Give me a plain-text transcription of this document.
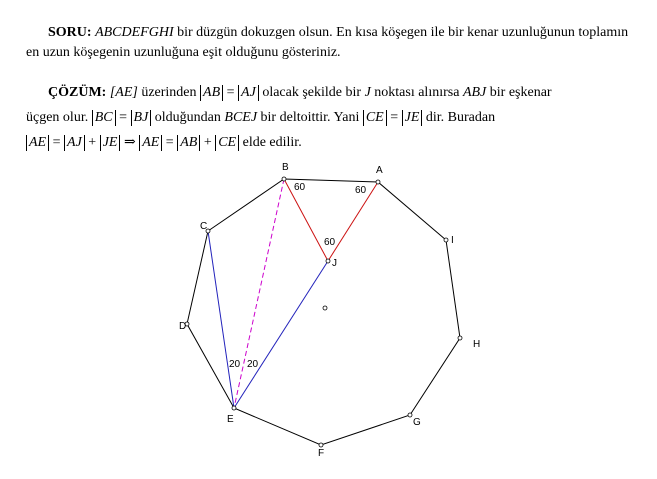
SORU: ABCDEFGHI bir düzgün dokuzgen olsun. En kısa köşegen ile bir kenar uzunluğunun toplamın en uzun köşegenin uzunluğuna eşit olduğunu gösteriniz.
ÇÖZÜM: [AE] üzerinden AB = AJ olacak şekilde bir J noktası alınırsa ABJ bir eşkenar
üçgen olur. BC = BJ olduğundan BCEJ bir deltoittir. Yani CE = JE dir. Buradan
AE = AJ + JE ⇒ AE = AB + CE elde edilir.
B	A
I
H
G
F
E
D
C
J
60	60
60
20 20
